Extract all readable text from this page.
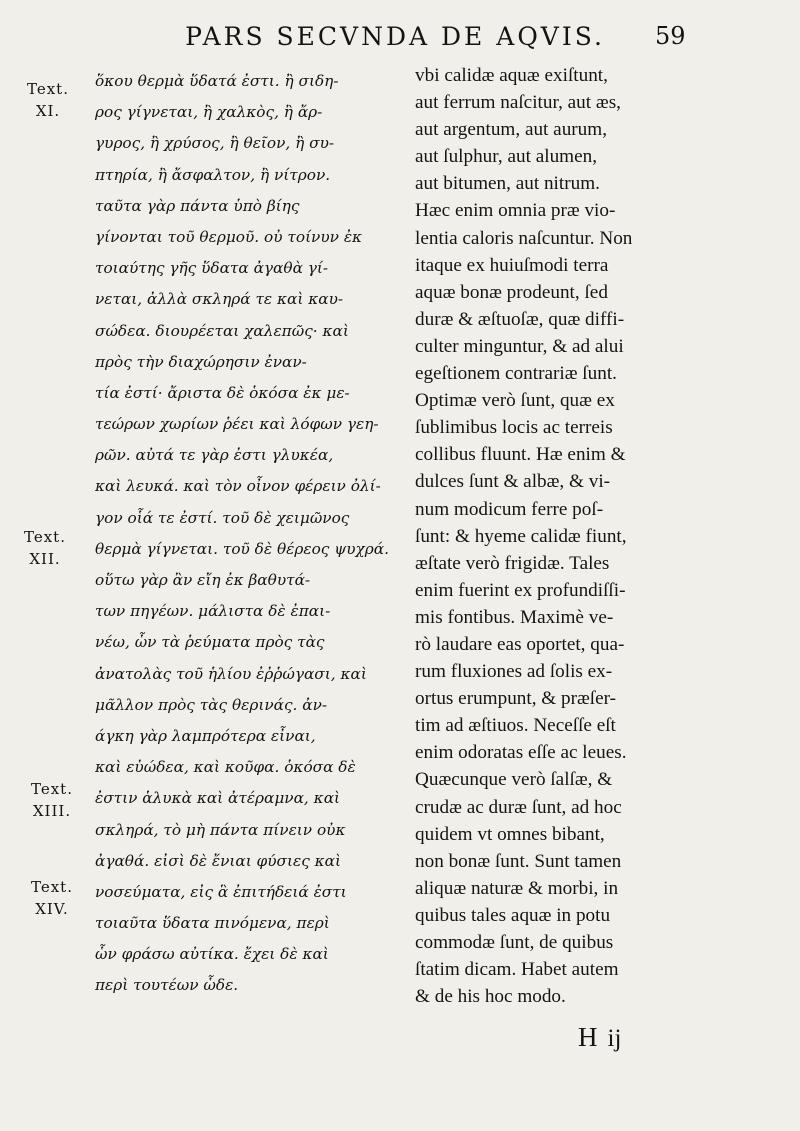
PARS SECVNDA DE AQVIS.	59
Text.
XI.
Text.
XII.
Text.
XIII.
Text.
XIV.
ὅκου θερμὰ ὕδατά ἐστι. ἢ σιδη-
ρος γίγνεται, ἢ χαλκὸς, ἢ ἄρ-
γυρος, ἢ χρύσος, ἢ θεῖον, ἢ συ-
πτηρία, ἢ ἄσφαλτον, ἢ νίτρον.
ταῦτα γὰρ πάντα ὑπὸ βίης
γίνονται τοῦ θερμοῦ. οὐ τοίνυν ἐκ
τοιαύτης γῆς ὕδατα ἀγαθὰ γί-
νεται, ἀλλὰ σκληρά τε καὶ καυ-
σώδεα. διουρέεται χαλεπῶς· καὶ
πρὸς τὴν διαχώρησιν ἐναν-
τία ἐστί· ἄριστα δὲ ὁκόσα ἐκ με-
τεώρων χωρίων ῥέει καὶ λόφων γεη-
ρῶν. αὐτά τε γὰρ ἐστι γλυκέα,
καὶ λευκά. καὶ τὸν οἶνον φέρειν ὀλί-
γον οἷά τε ἐστί. τοῦ δὲ χειμῶνος
θερμὰ γίγνεται. τοῦ δὲ θέρεος ψυχρά.
οὕτω γὰρ ἂν εἴη ἐκ βαθυτά-
των πηγέων. μάλιστα δὲ ἐπαι-
νέω, ὧν τὰ ῥεύματα πρὸς τὰς
ἀνατολὰς τοῦ ἡλίου ἐῤῥώγασι, καὶ
μᾶλλον πρὸς τὰς θερινάς. ἀν-
άγκη γὰρ λαμπρότερα εἶναι,
καὶ εὐώδεα, καὶ κοῦφα. ὁκόσα δὲ
ἐστιν ἁλυκὰ καὶ ἀτέραμνα, καὶ
σκληρά, τὸ μὴ πάντα πίνειν οὐκ
ἀγαθά. εἰσὶ δὲ ἔνιαι φύσιες καὶ
νοσεύματα, εἰς ἃ ἐπιτήδειά ἐστι
τοιαῦτα ὕδατα πινόμενα, περὶ
ὧν φράσω αὐτίκα. ἔχει δὲ καὶ
περὶ τουτέων ὧδε.
vbi calidæ aquæ exiſtunt,
aut ferrum naſcitur, aut æs,
aut argentum, aut aurum,
aut ſulphur, aut alumen,
aut bitumen, aut nitrum.
Hæc enim omnia præ vio-
lentia caloris naſcuntur. Non
itaque ex huiuſmodi terra
aquæ bonæ prodeunt, ſed
duræ & æſtuoſæ, quæ diffi-
culter minguntur, & ad alui
egeſtionem contrariæ ſunt.
Optimæ verò ſunt, quæ ex
ſublimibus locis ac terreis
collibus fluunt. Hæ enim &
dulces ſunt & albæ, & vi-
num modicum ferre poſ-
ſunt: & hyeme calidæ fiunt,
æſtate verò frigidæ. Tales
enim fuerint ex profundiſſi-
mis fontibus. Maximè ve-
rò laudare eas oportet, qua-
rum fluxiones ad ſolis ex-
ortus erumpunt, & præſer-
tim ad æſtiuos. Neceſſe eſt
enim odoratas eſſe ac leues.
Quæcunque verò ſalſæ, &
crudæ ac duræ ſunt, ad hoc
quidem vt omnes bibant,
non bonæ ſunt. Sunt tamen
aliquæ naturæ & morbi, in
quibus tales aquæ in potu
commodæ ſunt, de quibus
ſtatim dicam. Habet autem
& de his hoc modo.
H ij
